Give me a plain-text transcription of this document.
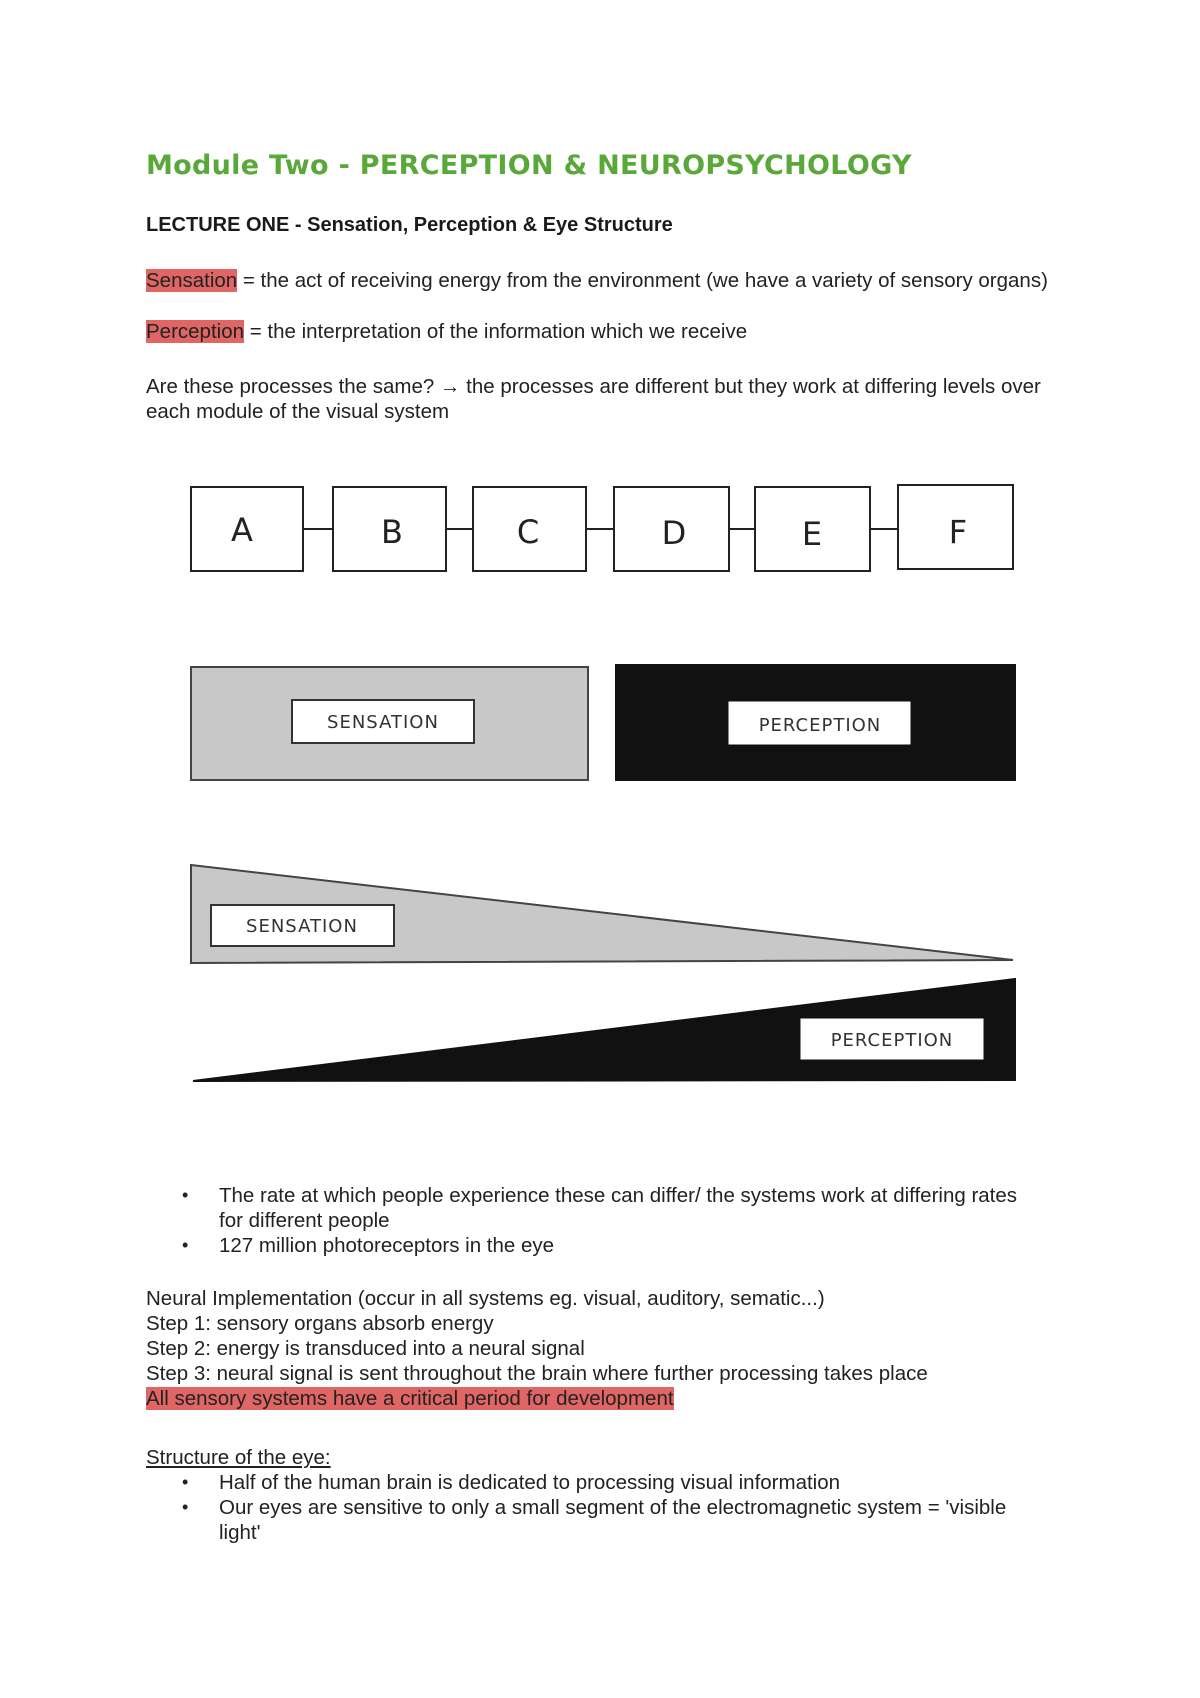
Module Two - PERCEPTION & NEUROPSYCHOLOGY
LECTURE ONE - Sensation, Perception & Eye Structure
Sensation = the act of receiving energy from the environment (we have a variety of sensory organs)
Perception = the interpretation of the information which we receive
Are these processes the same? → the processes are different but they work at differing levels over each module of the visual system
A	B	C	D	E	F
SENSATION	PERCEPTION
SENSATION
PERCEPTION
• The rate at which people experience these can differ/ the systems work at differing rates for different people
• 127 million photoreceptors in the eye
Neural Implementation (occur in all systems eg. visual, auditory, sematic...)
Step 1: sensory organs absorb energy
Step 2: energy is transduced into a neural signal
Step 3: neural signal is sent throughout the brain where further processing takes place
All sensory systems have a critical period for development
Structure of the eye:
• Half of the human brain is dedicated to processing visual information
• Our eyes are sensitive to only a small segment of the electromagnetic system = 'visible light'
